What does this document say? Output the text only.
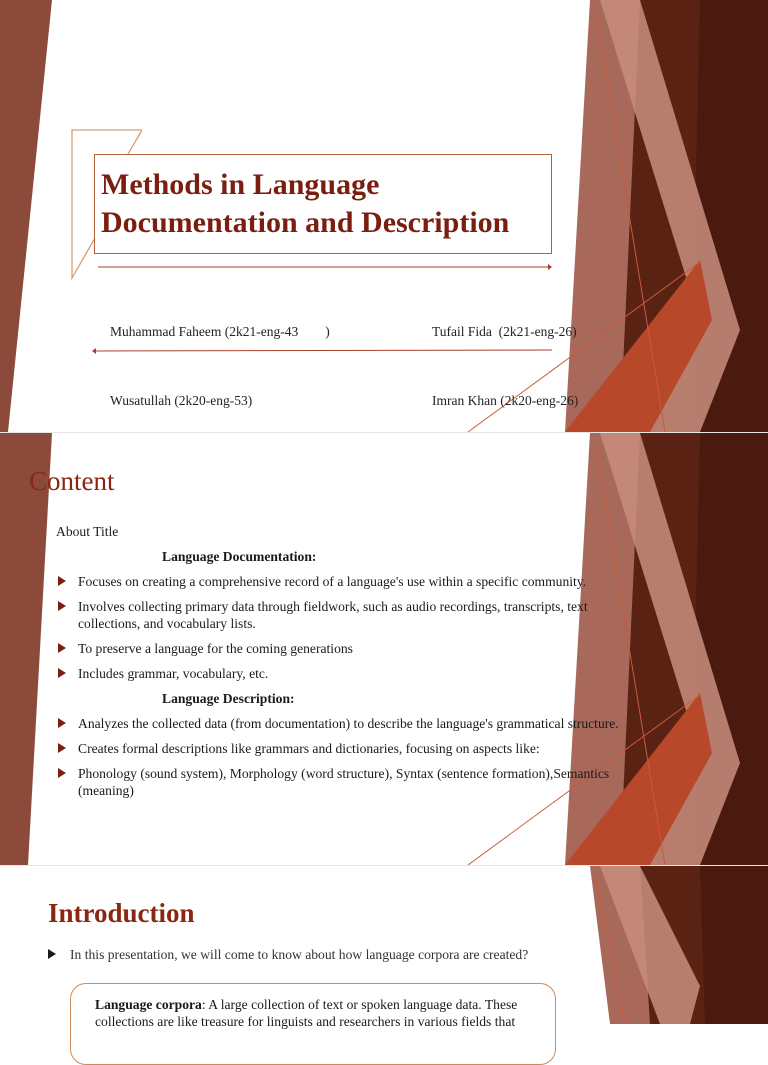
Methods in Language Documentation and Description

Muhammad Faheem (2k21-eng-43        )

Wusatullah (2k20-eng-53)

Tufail Fida  (2k21-eng-26)

Imran Khan (2k20-eng-26)

Content
About Title
Language Documentation:
Focuses on creating a comprehensive record of a language's use within a specific community.
Involves collecting primary data through fieldwork, such as audio recordings, transcripts, text collections, and vocabulary lists.
To preserve a language for the coming generations
Includes grammar, vocabulary, etc.
Language Description:
Analyzes the collected data (from documentation) to describe the language's grammatical structure.
Creates formal descriptions like grammars and dictionaries, focusing on aspects like:
Phonology (sound system), Morphology (word structure), Syntax (sentence formation),Semantics (meaning)
Introduction
In this presentation, we will come to know about how language corpora are created?
Language corpora: A large collection of text or spoken language data. These collections are like treasure for linguists and researchers in various fields that
